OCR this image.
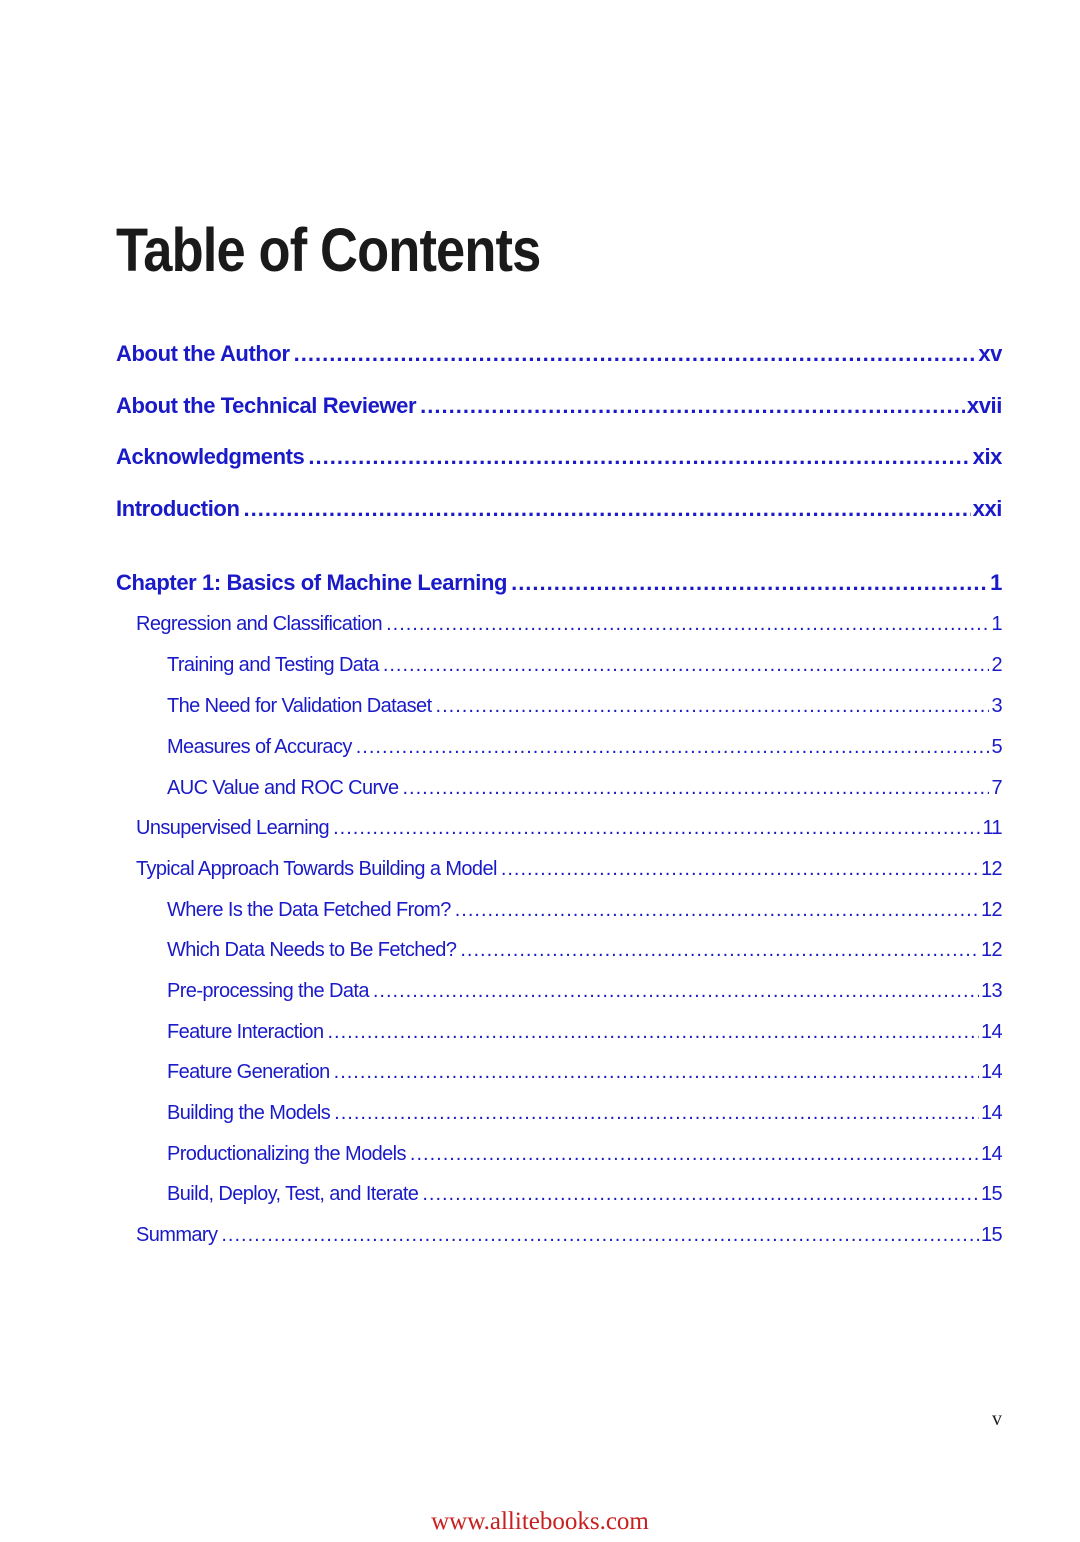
Table of Contents
About the Author .....	xv
About the Technical Reviewer .....	xvii
Acknowledgments .....	xix
Introduction .....	xxi
Chapter 1: Basics of Machine Learning .....	1
Regression and Classification .....	1
Training and Testing Data .....	2
The Need for Validation Dataset .....	3
Measures of Accuracy .....	5
AUC Value and ROC Curve .....	7
Unsupervised Learning .....	11
Typical Approach Towards Building a Model .....	12
Where Is the Data Fetched From? .....	12
Which Data Needs to Be Fetched? .....	12
Pre-processing the Data .....	13
Feature Interaction .....	14
Feature Generation .....	14
Building the Models .....	14
Productionalizing the Models .....	14
Build, Deploy, Test, and Iterate .....	15
Summary .....	15
v
www.allitebooks.com
